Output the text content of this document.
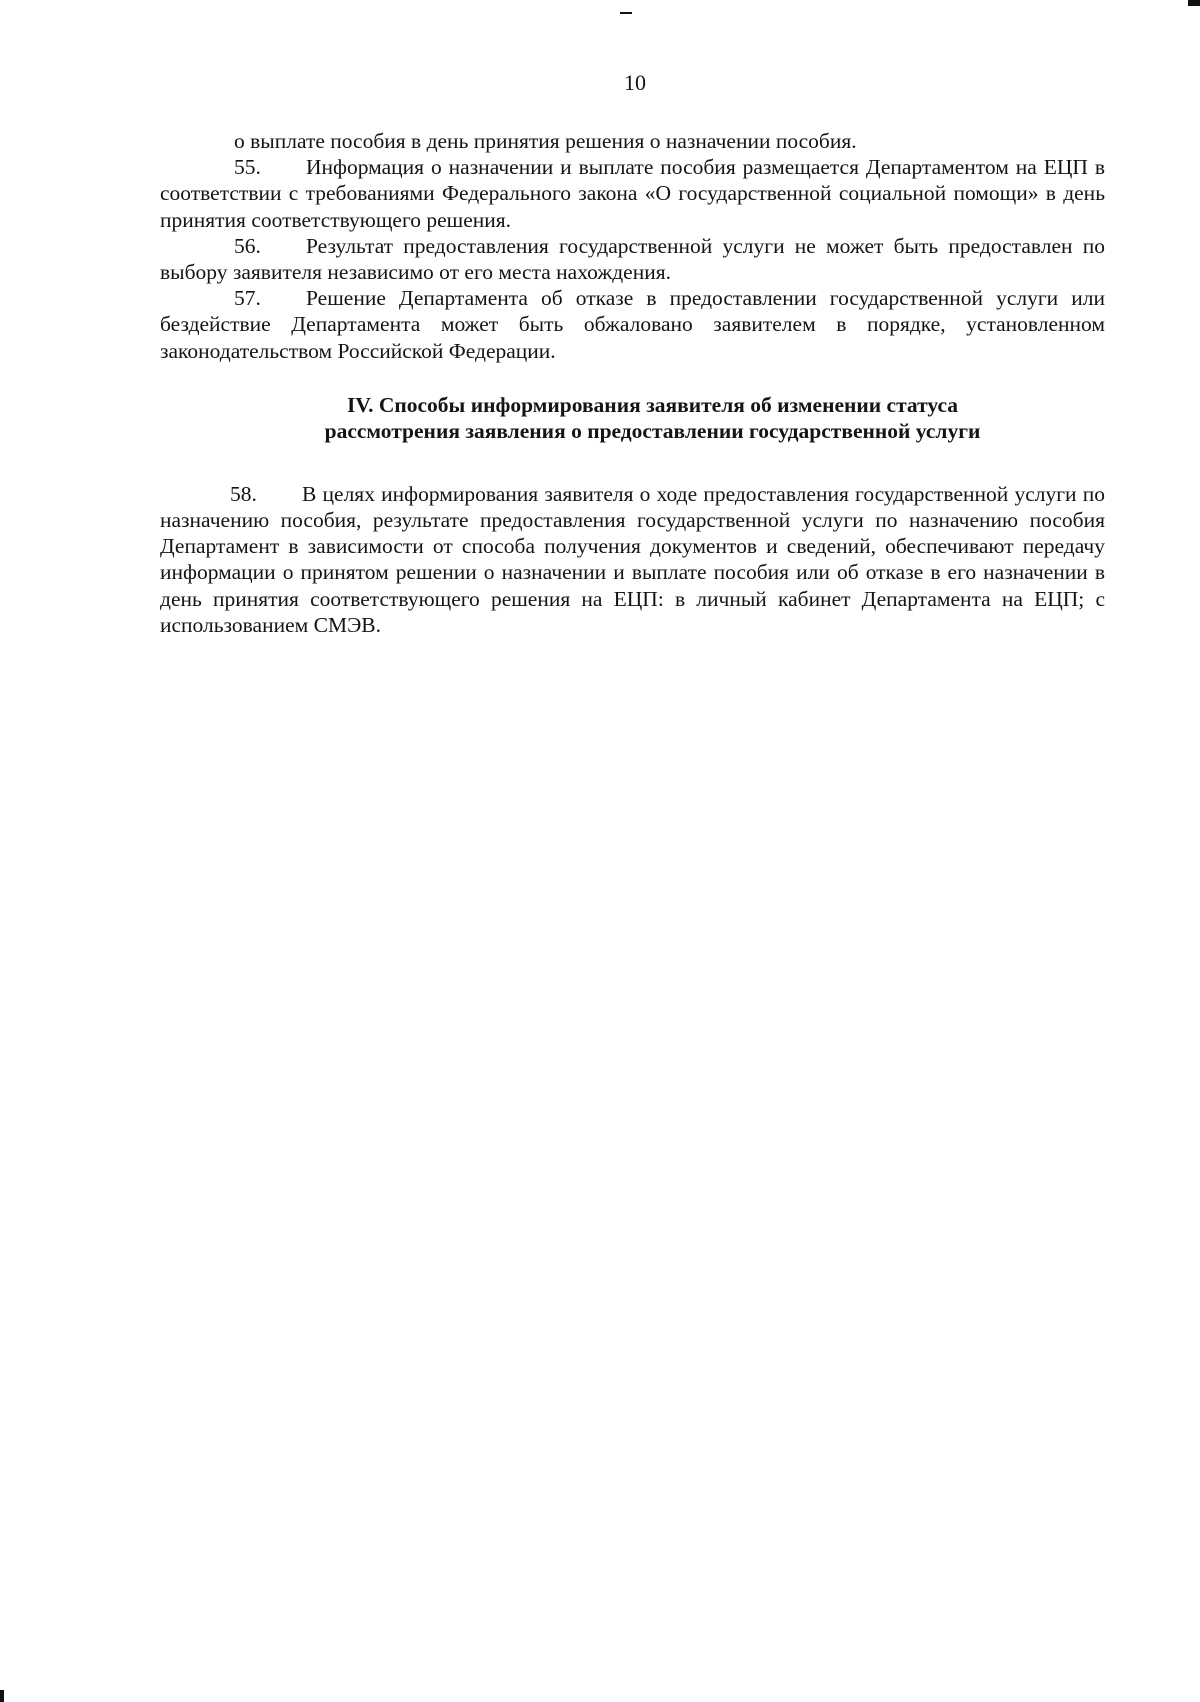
10

о выплате пособия в день принятия решения о назначении пособия.

55. Информация о назначении и выплате пособия размещается Департаментом на ЕЦП в соответствии с требованиями Федерального закона «О государственной социальной помощи» в день принятия соответствующего решения.

56. Результат предоставления государственной услуги не может быть предоставлен по выбору заявителя независимо от его места нахождения.

57. Решение Департамента об отказе в предоставлении государственной услуги или бездействие Департамента может быть обжаловано заявителем в порядке, установленном законодательством Российской Федерации.

IV. Способы информирования заявителя об изменении статуса
рассмотрения заявления о предоставлении государственной услуги

58. В целях информирования заявителя о ходе предоставления государственной услуги по назначению пособия, результате предоставления государственной услуги по назначению пособия Департамент в зависимости от способа получения документов и сведений, обеспечивают передачу информации о принятом решении о назначении и выплате пособия или об отказе в его назначении в день принятия соответствующего решения на ЕЦП: в личный кабинет Департамента на ЕЦП; с использованием СМЭВ.
